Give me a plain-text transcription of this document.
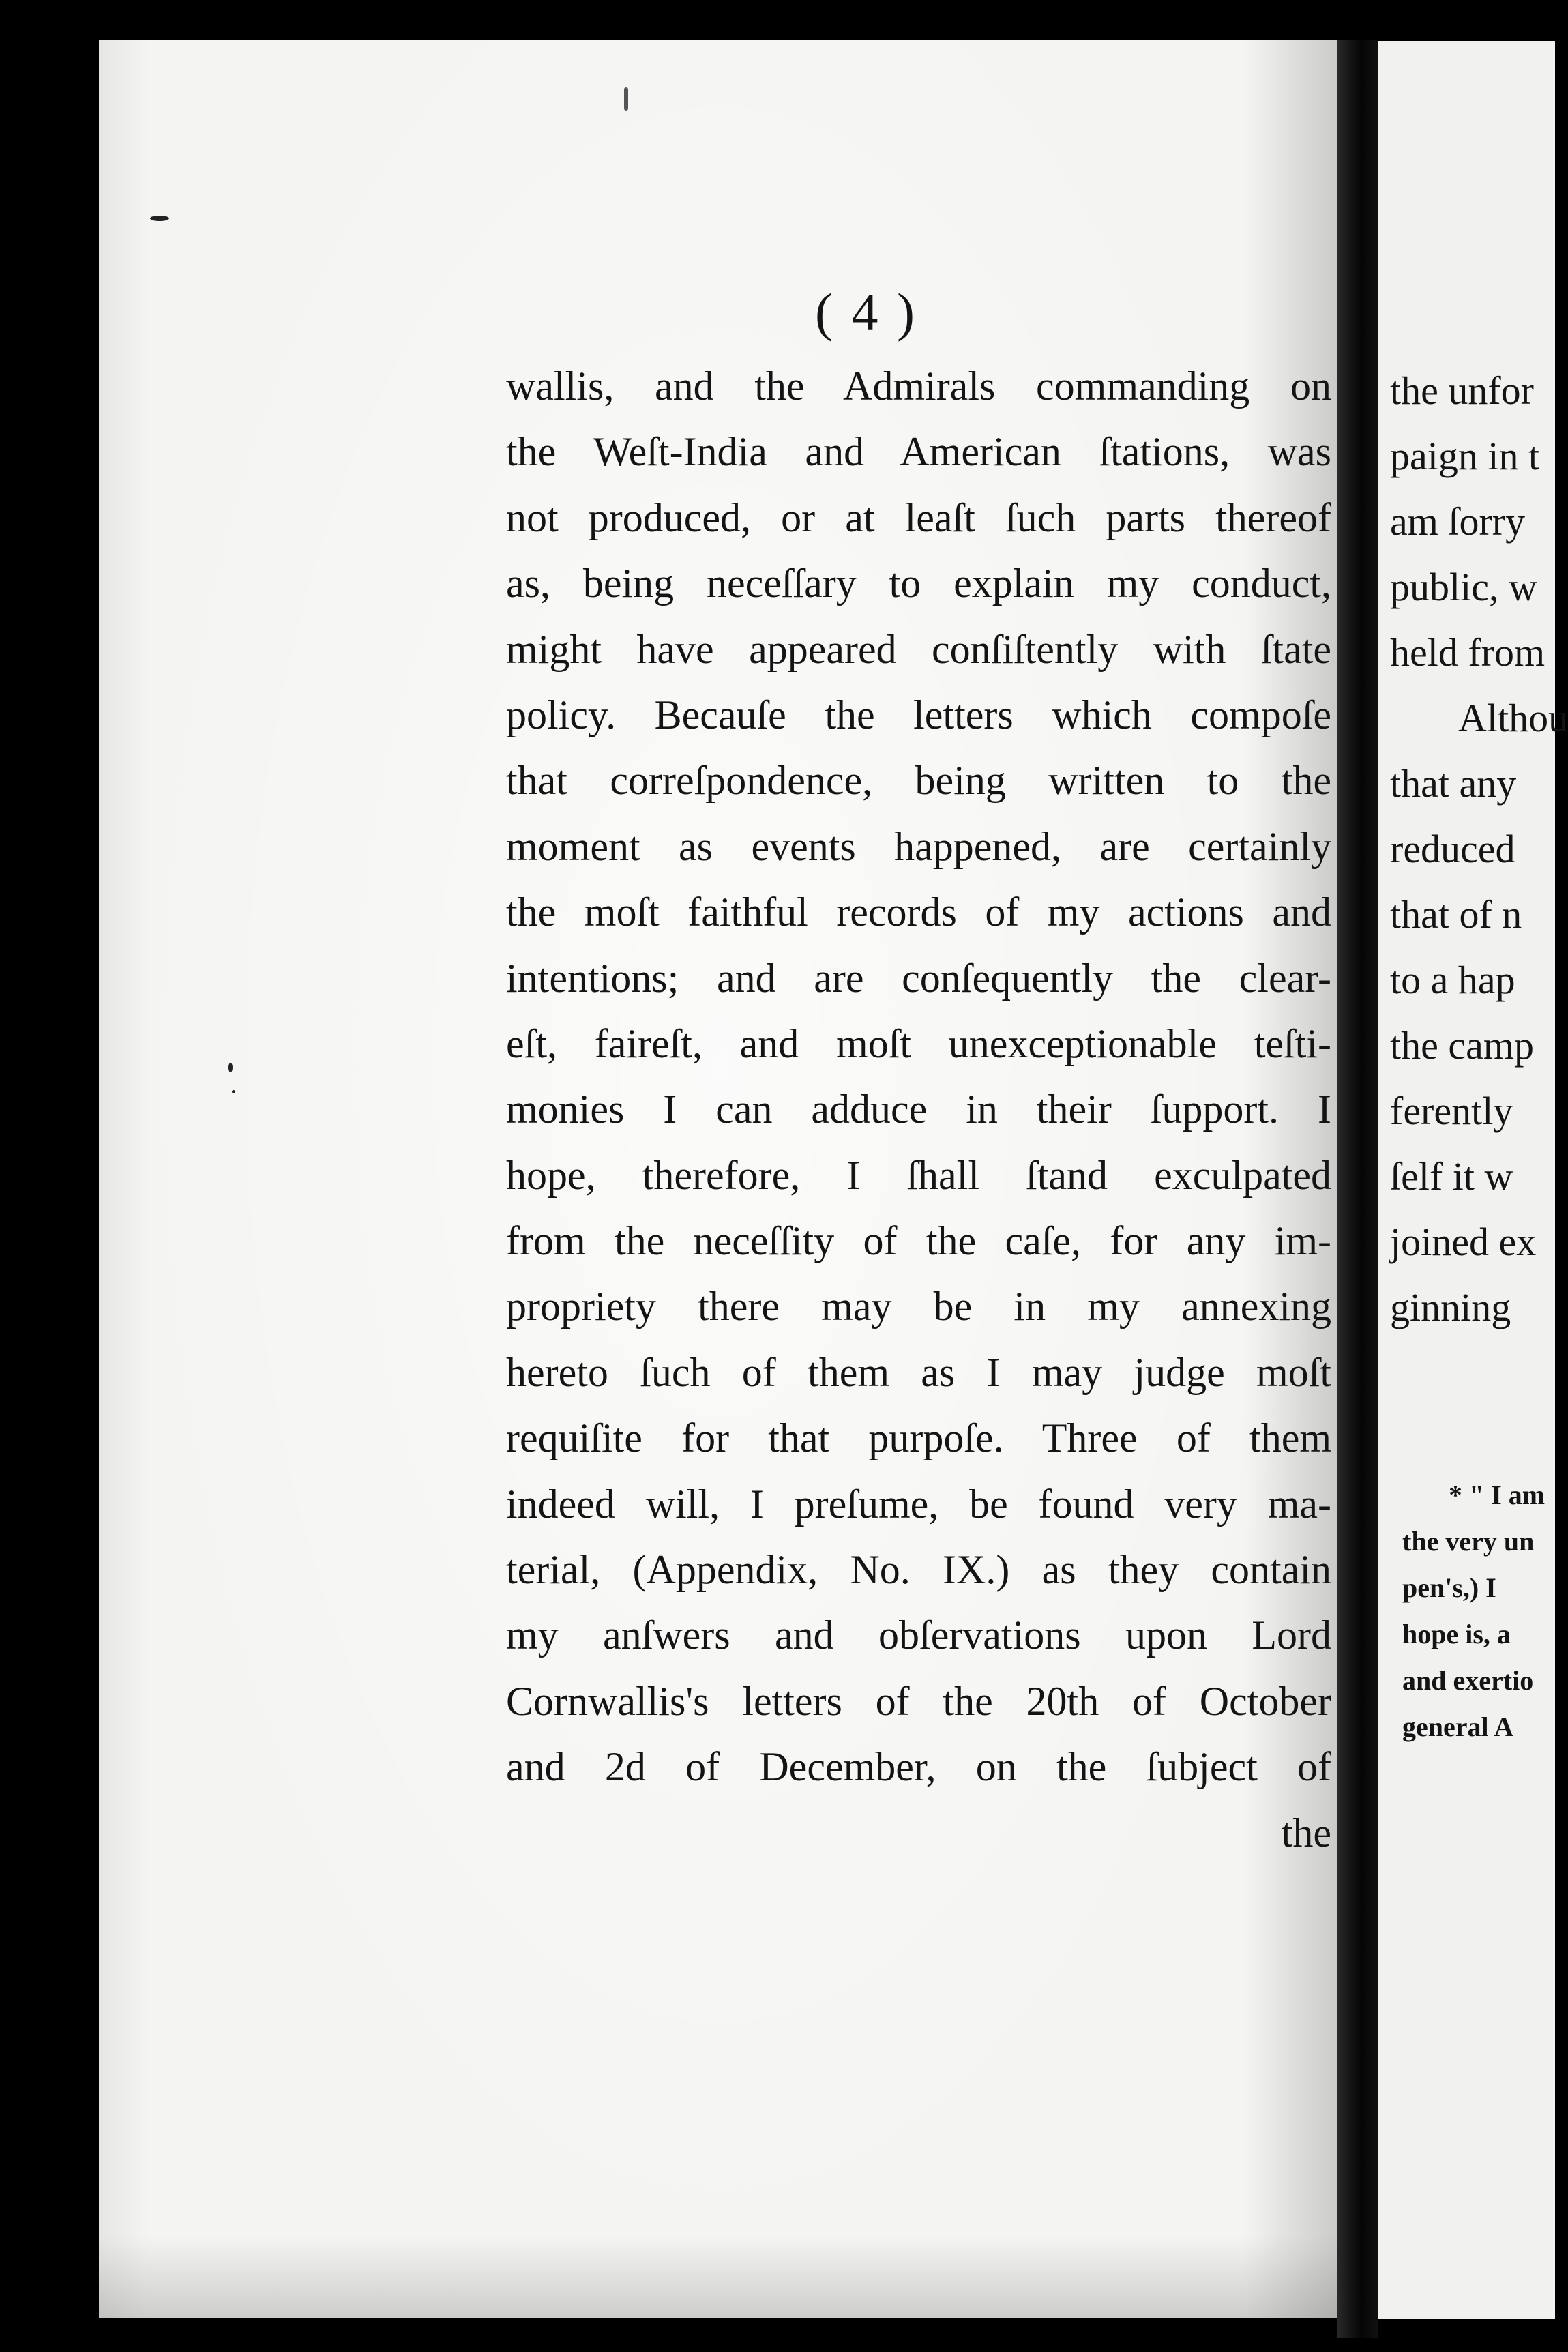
( 4 )
wallis, and the Admirals commanding on
the Weſt-India and American ſtations, was
not produced, or at leaſt ſuch parts thereof
as, being neceſſary to explain my conduct,
might have appeared conſiſtently with ſtate
policy. Becauſe the letters which compoſe
that correſpondence, being written to the
moment as events happened, are certainly
the moſt faithful records of my actions and
intentions; and are conſequently the clear-
eſt, faireſt, and moſt unexceptionable teſti-
monies I can adduce in their ſupport. I
hope, therefore, I ſhall ſtand exculpated
from the neceſſity of the caſe, for any im-
propriety there may be in my annexing
hereto ſuch of them as I may judge moſt
requiſite for that purpoſe. Three of them
indeed will, I preſume, be found very ma-
terial, (Appendix, No. IX.) as they contain
my anſwers and obſervations upon Lord
Cornwallis's letters of the 20th of October
and 2d of December, on the ſubject of
the
the unfor
paign in t
am ſorry
public, w
held from
Althou
that any
reduced
that of n
to a hap
the camp
ferently
ſelf it w
joined ex
ginning
* " I am
the very un
pen's,) I
hope is, a
and exertio
general A
